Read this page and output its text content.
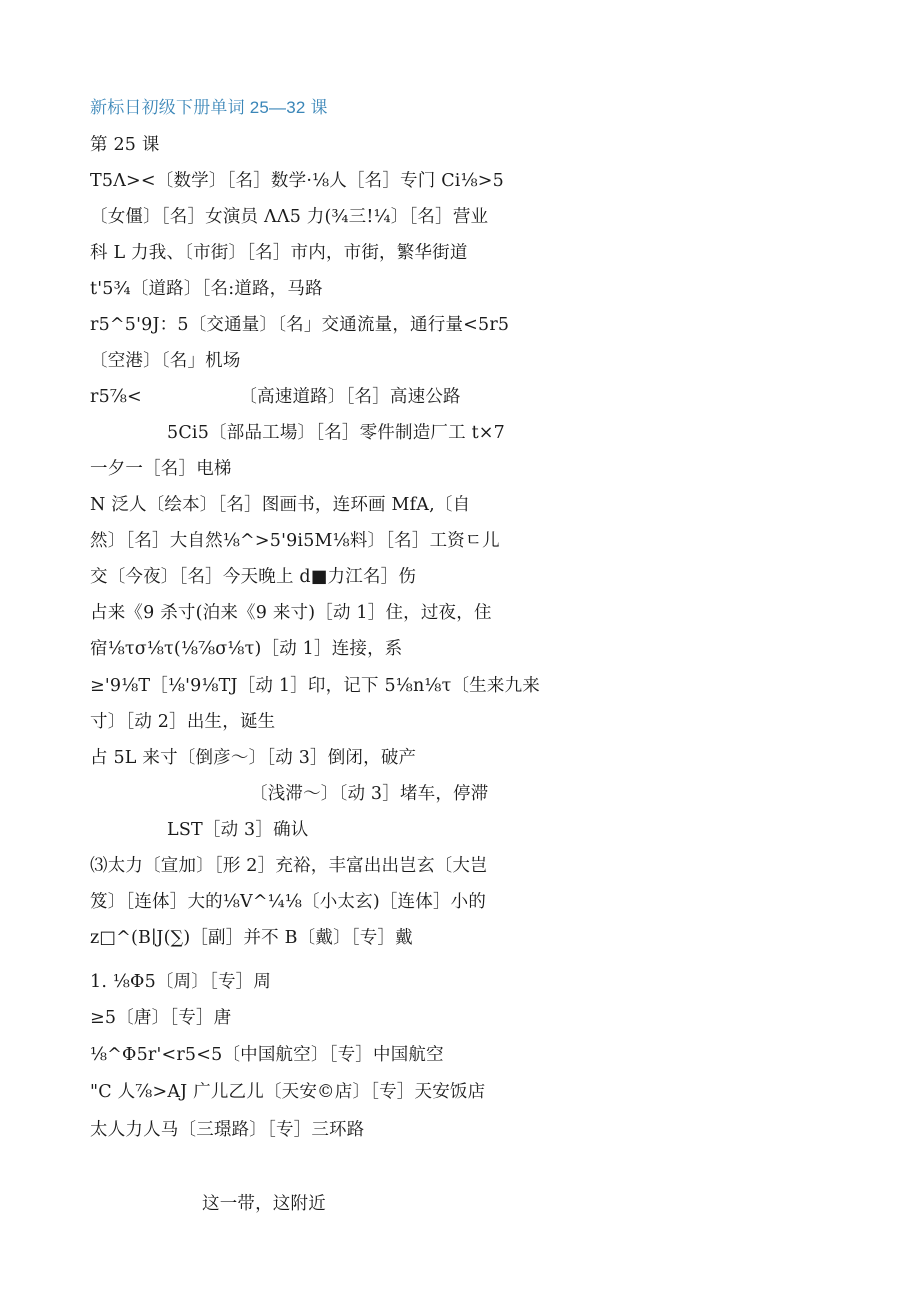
新标日初级下册单词 25—32 课
第 25 课
T5Λ><〔数学〕［名］数学·⅛人［名］专门 Ci⅛>5
〔女僵〕［名］女演员 ΛΛ5 力(¾三!¼〕［名］营业
科 L 力我、〔市街〕［名］市内，市街，繁华街道
t'5¾〔道路〕［名:道路，马路
r5^5'9J：5〔交通量〕〔名」交通流量，通行量<5r5
〔空港〕〔名」机场
r5⅞<　　　　　　〔高速道路〕［名］高速公路
5Ci5〔部品工場〕［名］零件制造厂工 t×7
一夕一［名］电梯
N 泛人〔绘本〕［名］图画书，连环画 MfA,〔自
然〕［名］大自然⅛^>5'9i5M⅛料〕［名］工资ㄷ儿
交〔今夜〕［名］今天晚上 d■力江名］伤
占来《9 杀寸(泊来《9 来寸)［动 1］住，过夜，住
宿⅛τσ⅛τ(⅛⅞σ⅛τ)［动 1］连接，系
≥'9⅛T［⅛'9⅛TJ［动 1］印，记下 5⅛n⅛τ〔生来九来
寸〕［动 2］出生，诞生
占 5L 来寸〔倒彦～〕［动 3］倒闭，破产
〔浅滞～〕〔动 3］堵车，停滞
LST［动 3］确认
⑶太力〔宣加〕［形 2］充裕，丰富出出岂玄〔大岂
笈〕［连体］大的⅛V^¼⅛〔小太玄)［连体］小的
z□^(B∣J(∑)［副］并不 B〔戴〕［专］戴
1. ⅛Φ5〔周〕［专］周
≥5〔唐〕［专］唐
⅛^Φ5r'<r5<5〔中国航空〕［专］中国航空
"C 人⅞>AJ 广儿乙儿〔天安©店〕［专］天安饭店
太人力人马〔三璟路〕［专］三环路
这一带，这附近
